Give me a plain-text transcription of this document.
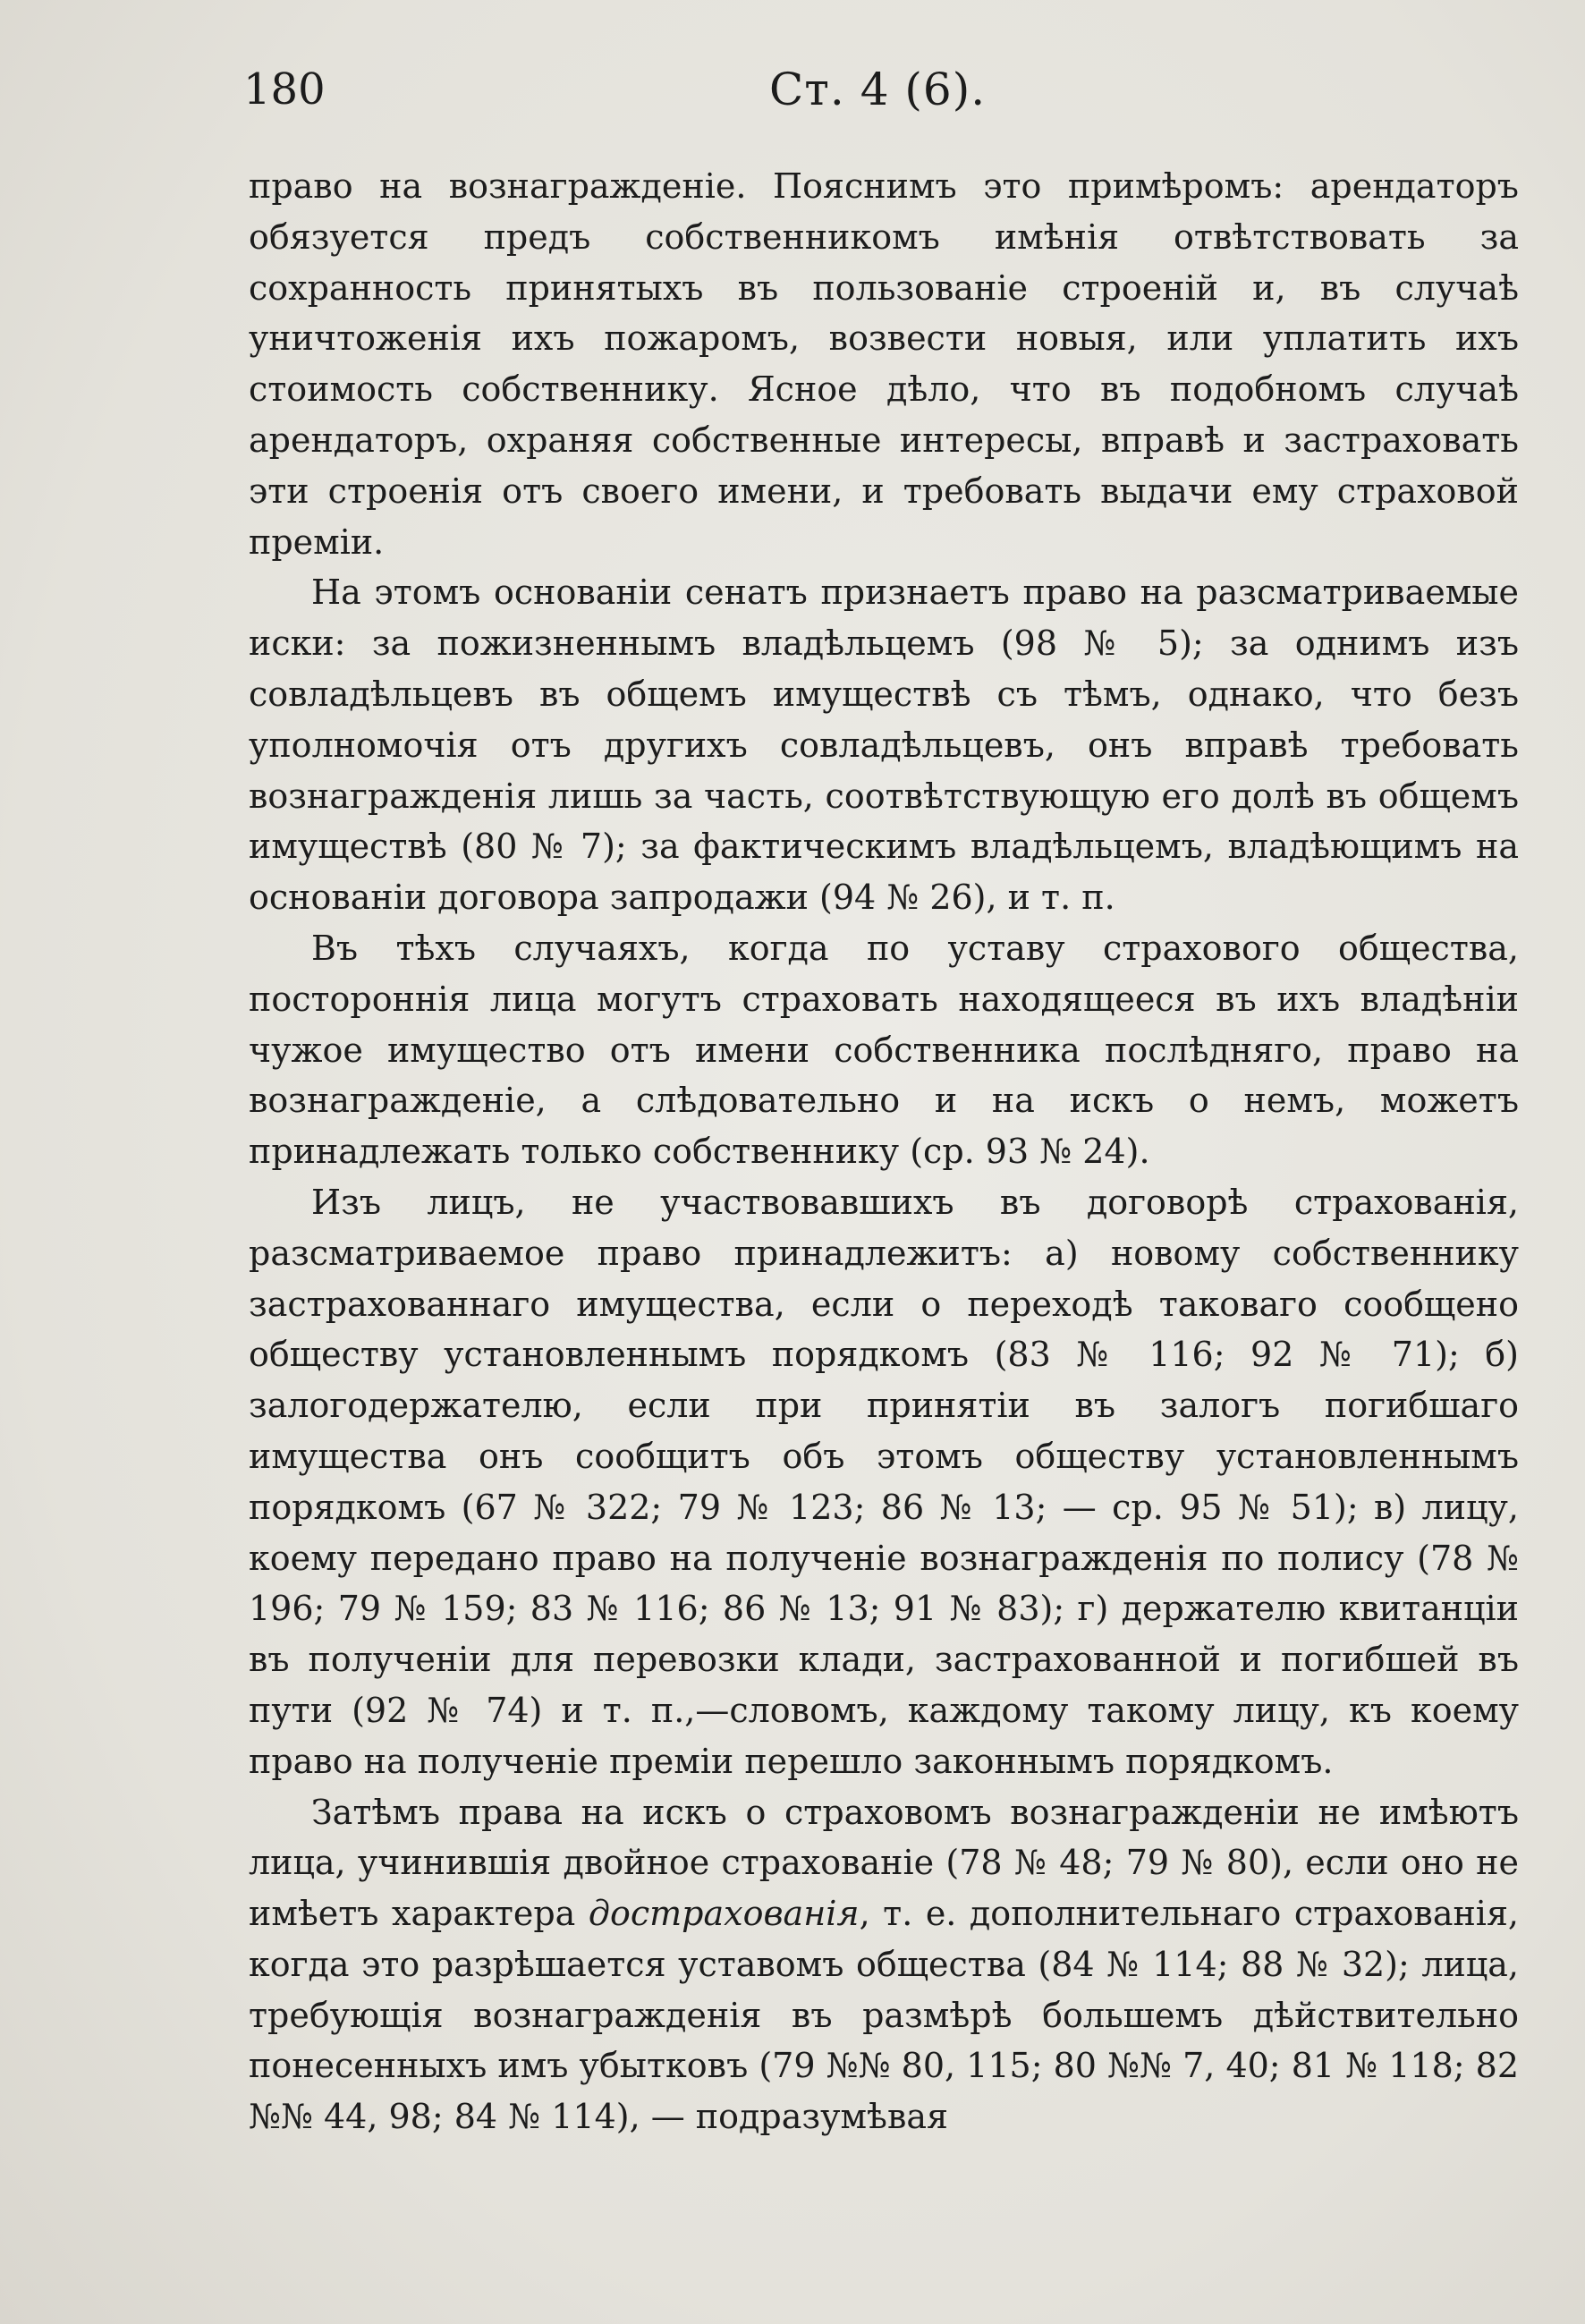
180	Ст. 4 (6).

право на вознагражденіе. Пояснимъ это примѣромъ: арендаторъ обязуется предъ собственникомъ имѣнія отвѣтствовать за сохранность принятыхъ въ пользованіе строеній и, въ случаѣ уничтоженія ихъ пожаромъ, возвести новыя, или уплатить ихъ стоимость собственнику. Ясное дѣло, что въ подобномъ случаѣ арендаторъ, охраняя собственные интересы, вправѣ и застраховать эти строенія отъ своего имени, и требовать выдачи ему страховой преміи.

На этомъ основаніи сенатъ признаетъ право на разсматриваемые иски: за пожизненнымъ владѣльцемъ (98 № 5); за однимъ изъ совладѣльцевъ въ общемъ имуществѣ съ тѣмъ, однако, что безъ уполномочія отъ другихъ совладѣльцевъ, онъ вправѣ требовать вознагражденія лишь за часть, соотвѣтствующую его долѣ въ общемъ имуществѣ (80 № 7); за фактическимъ владѣльцемъ, владѣющимъ на основаніи договора запродажи (94 № 26), и т. п.

Въ тѣхъ случаяхъ, когда по уставу страхового общества, постороннія лица могутъ страховать находящееся въ ихъ владѣніи чужое имущество отъ имени собственника послѣдняго, право на вознагражденіе, а слѣдовательно и на искъ о немъ, можетъ принадлежать только собственнику (ср. 93 № 24).

Изъ лицъ, не участвовавшихъ въ договорѣ страхованія, разсматриваемое право принадлежитъ: а) новому собственнику застрахованнаго имущества, если о переходѣ таковаго сообщено обществу установленнымъ порядкомъ (83 № 116; 92 № 71); б) залогодержателю, если при принятіи въ залогъ погибшаго имущества онъ сообщитъ объ этомъ обществу установленнымъ порядкомъ (67 № 322; 79 № 123; 86 № 13; — ср. 95 № 51); в) лицу, коему передано право на полученіе вознагражденія по полису (78 № 196; 79 № 159; 83 № 116; 86 № 13; 91 № 83); г) держателю квитанціи въ полученіи для перевозки клади, застрахованной и погибшей въ пути (92 № 74) и т. п.,—словомъ, каждому такому лицу, къ коему право на полученіе преміи перешло законнымъ порядкомъ.

Затѣмъ права на искъ о страховомъ вознагражденіи не имѣютъ лица, учинившія двойное страхованіе (78 № 48; 79 № 80), если оно не имѣетъ характера дострахованія, т. е. дополнительнаго страхованія, когда это разрѣшается уставомъ общества (84 № 114; 88 № 32); лица, требующія вознагражденія въ размѣрѣ большемъ дѣйствительно понесенныхъ имъ убытковъ (79 №№ 80, 115; 80 №№ 7, 40; 81 № 118; 82 №№ 44, 98; 84 № 114), — подразумѣвая
